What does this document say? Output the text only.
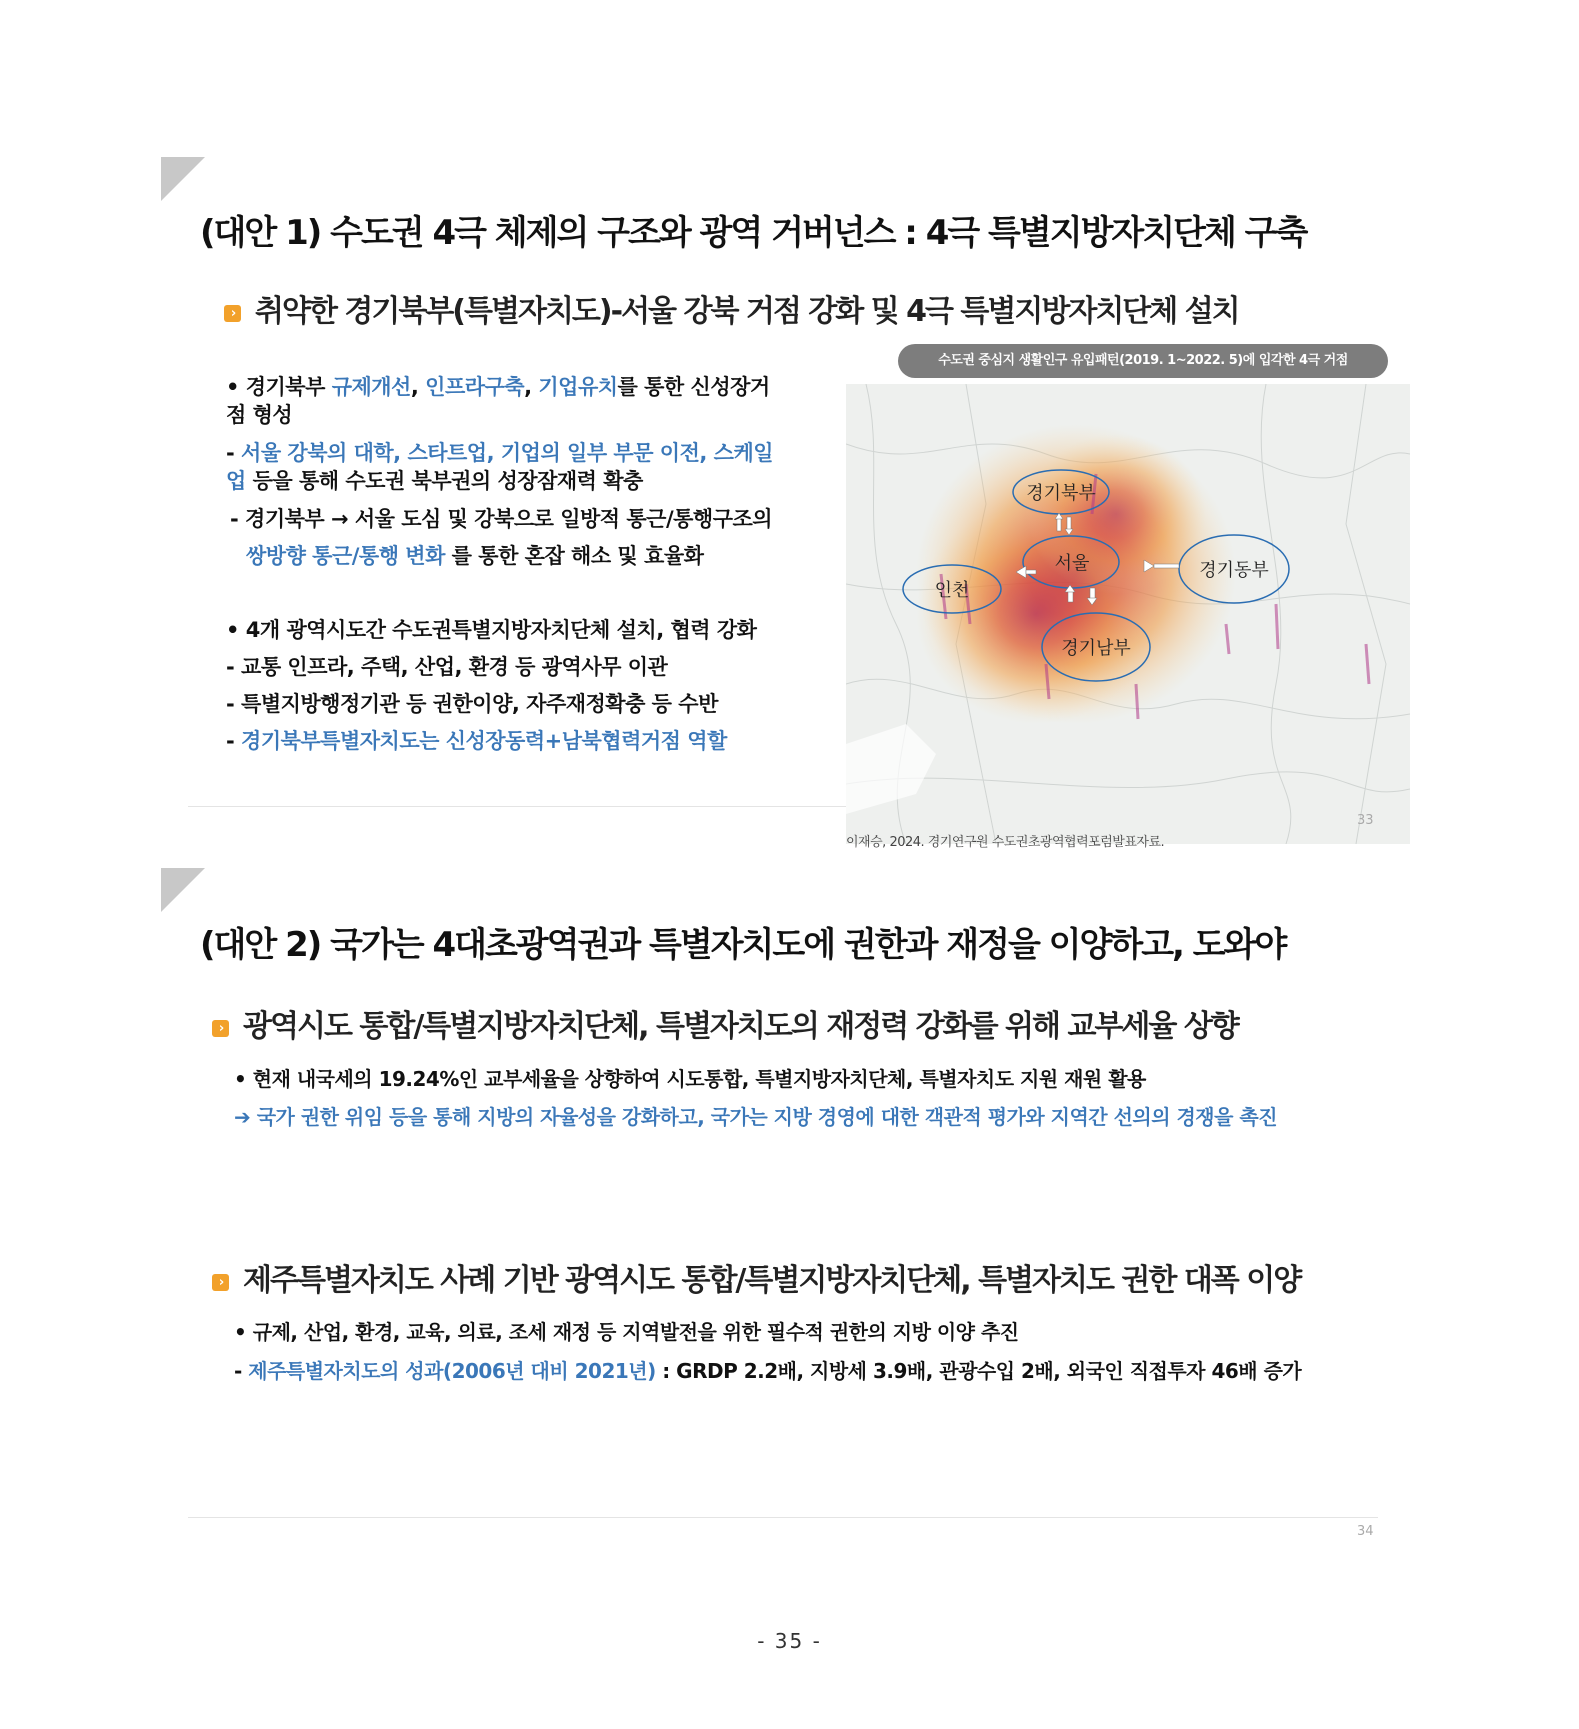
(대안 1) 수도권 4극 체제의 구조와 광역 거버넌스 : 4극 특별지방자치단체 구축
› 취약한 경기북부(특별자치도)-서울 강북 거점 강화 및 4극 특별지방자치단체 설치
• 경기북부 규제개선, 인프라구축, 기업유치를 통한 신성장거
점 형성
- 서울 강북의 대학, 스타트업, 기업의 일부 부문 이전, 스케일
업 등을 통해 수도권 북부권의 성장잠재력 확충
- 경기북부 → 서울 도심 및 강북으로 일방적 통근/통행구조의
쌍방향 통근/통행 변화 를 통한 혼잡 해소 및 효율화
• 4개 광역시도간 수도권특별지방자치단체 설치, 협력 강화
- 교통 인프라, 주택, 산업, 환경 등 광역사무 이관
- 특별지방행정기관 등 권한이양, 자주재정확충 등 수반
- 경기북부특별자치도는 신성장동력+남북협력거점 역할
수도권 중심지 생활인구 유입패턴(2019. 1~2022. 5)에 입각한 4극 거점
경기북부
서울	경기동부
인천
경기남부
33
이재승, 2024. 경기연구원 수도권초광역협력포럼발표자료.
(대안 2) 국가는 4대초광역권과 특별자치도에 권한과 재정을 이양하고, 도와야
› 광역시도 통합/특별지방자치단체, 특별자치도의 재정력 강화를 위해 교부세율 상향
• 현재 내국세의 19.24%인 교부세율을 상향하여 시도통합, 특별지방자치단체, 특별자치도 지원 재원 활용
➔ 국가 권한 위임 등을 통해 지방의 자율성을 강화하고, 국가는 지방 경영에 대한 객관적 평가와 지역간 선의의 경쟁을 촉진
› 제주특별자치도 사례 기반 광역시도 통합/특별지방자치단체, 특별자치도 권한 대폭 이양
• 규제, 산업, 환경, 교육, 의료, 조세 재정 등 지역발전을 위한 필수적 권한의 지방 이양 추진
- 제주특별자치도의 성과(2006년 대비 2021년) : GRDP 2.2배, 지방세 3.9배, 관광수입 2배, 외국인 직접투자 46배 증가
34
- 35 -
